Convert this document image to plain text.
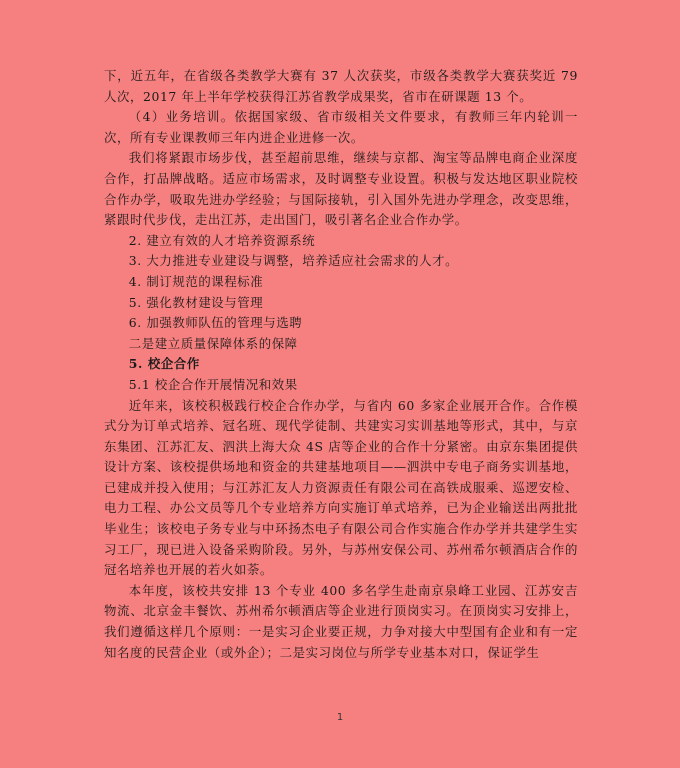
下，近五年，在省级各类教学大赛有 37 人次获奖，市级各类教学大赛获奖近 79 人次，2017 年上半年学校获得江苏省教学成果奖，省市在研课题 13 个。

（4）业务培训。依据国家级、省市级相关文件要求，有教师三年内轮训一次，所有专业课教师三年内进企业进修一次。

我们将紧跟市场步伐，甚至超前思维，继续与京都、淘宝等品牌电商企业深度合作，打品牌战略。适应市场需求，及时调整专业设置。积极与发达地区职业院校合作办学，吸取先进办学经验；与国际接轨，引入国外先进办学理念，改变思维，紧跟时代步伐，走出江苏，走出国门，吸引著名企业合作办学。

2. 建立有效的人才培养资源系统

3. 大力推进专业建设与调整，培养适应社会需求的人才。

4. 制订规范的课程标准

5. 强化教材建设与管理

6. 加强教师队伍的管理与选聘

二是建立质量保障体系的保障

5. 校企合作

5.1 校企合作开展情况和效果

近年来，该校积极践行校企合作办学，与省内 60 多家企业展开合作。合作模式分为订单式培养、冠名班、现代学徒制、共建实习实训基地等形式，其中，与京东集团、江苏汇友、泗洪上海大众 4S 店等企业的合作十分紧密。由京东集团提供设计方案、该校提供场地和资金的共建基地项目——泗洪中专电子商务实训基地，已建成并投入使用；与江苏汇友人力资源责任有限公司在高铁成服乘、巡逻安检、电力工程、办公文员等几个专业培养方向实施订单式培养，已为企业输送出两批批毕业生；该校电子务专业与中环扬杰电子有限公司合作实施合作办学并共建学生实习工厂，现已进入设备采购阶段。另外，与苏州安保公司、苏州希尔顿酒店合作的冠名培养也开展的若火如荼。

本年度，该校共安排 13 个专业 400 多名学生赴南京泉峰工业园、江苏安吉物流、北京金丰餐饮、苏州希尔顿酒店等企业进行顶岗实习。在顶岗实习安排上，我们遵循这样几个原则：一是实习企业要正规，力争对接大中型国有企业和有一定知名度的民营企业（或外企）；二是实习岗位与所学专业基本对口，保证学生

1
